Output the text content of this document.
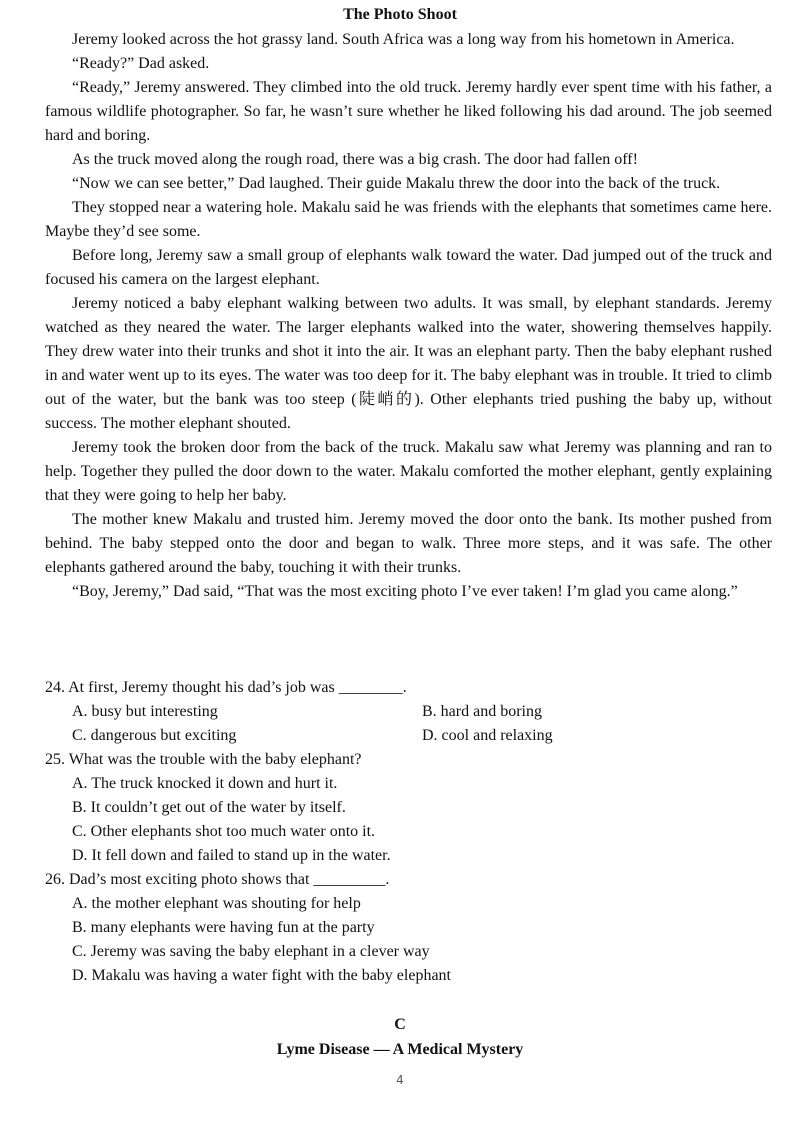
The Photo Shoot

Jeremy looked across the hot grassy land. South Africa was a long way from his hometown in America.

“Ready?” Dad asked.

“Ready,” Jeremy answered. They climbed into the old truck. Jeremy hardly ever spent time with his father, a famous wildlife photographer. So far, he wasn’t sure whether he liked following his dad around. The job seemed hard and boring.

As the truck moved along the rough road, there was a big crash. The door had fallen off!

“Now we can see better,” Dad laughed. Their guide Makalu threw the door into the back of the truck.

They stopped near a watering hole. Makalu said he was friends with the elephants that sometimes came here. Maybe they’d see some.

Before long, Jeremy saw a small group of elephants walk toward the water. Dad jumped out of the truck and focused his camera on the largest elephant.

Jeremy noticed a baby elephant walking between two adults. It was small, by elephant standards. Jeremy watched as they neared the water. The larger elephants walked into the water, showering themselves happily. They drew water into their trunks and shot it into the air. It was an elephant party. Then the baby elephant rushed in and water went up to its eyes. The water was too deep for it. The baby elephant was in trouble. It tried to climb out of the water, but the bank was too steep (陡峭的). Other elephants tried pushing the baby up, without success. The mother elephant shouted.

Jeremy took the broken door from the back of the truck. Makalu saw what Jeremy was planning and ran to help. Together they pulled the door down to the water. Makalu comforted the mother elephant, gently explaining that they were going to help her baby.

The mother knew Makalu and trusted him. Jeremy moved the door onto the bank. Its mother pushed from behind. The baby stepped onto the door and began to walk. Three more steps, and it was safe. The other elephants gathered around the baby, touching it with their trunks.

“Boy, Jeremy,” Dad said, “That was the most exciting photo I’ve ever taken! I’m glad you came along.”

24. At first, Jeremy thought his dad’s job was ________.

A. busy but interesting	B. hard and boring

C. dangerous but exciting	D. cool and relaxing

25. What was the trouble with the baby elephant?

A. The truck knocked it down and hurt it.

B. It couldn’t get out of the water by itself.

C. Other elephants shot too much water onto it.

D. It fell down and failed to stand up in the water.

26. Dad’s most exciting photo shows that _________.

A. the mother elephant was shouting for help

B. many elephants were having fun at the party

C. Jeremy was saving the baby elephant in a clever way

D. Makalu was having a water fight with the baby elephant

C
Lyme Disease — A Medical Mystery
4
